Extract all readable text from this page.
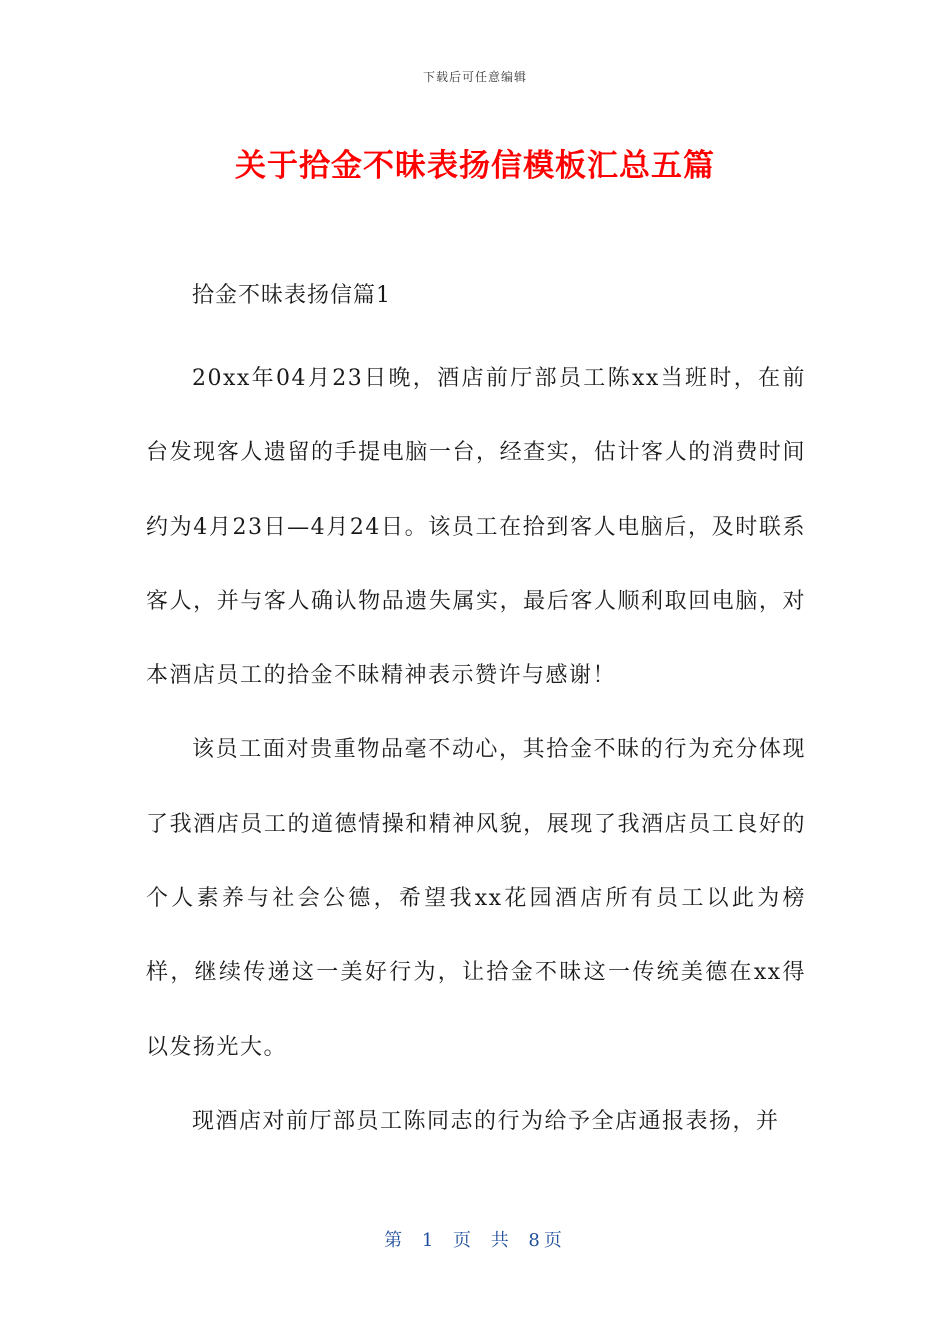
下载后可任意编辑
关于拾金不昧表扬信模板汇总五篇

拾金不昧表扬信篇1

20xx年04月23日晚，酒店前厅部员工陈xx当班时，在前台发现客人遗留的手提电脑一台，经查实，估计客人的消费时间约为4月23日—4月24日。该员工在拾到客人电脑后，及时联系客人，并与客人确认物品遗失属实，最后客人顺利取回电脑，对本酒店员工的拾金不昧精神表示赞许与感谢！

该员工面对贵重物品毫不动心，其拾金不昧的行为充分体现了我酒店员工的道德情操和精神风貌，展现了我酒店员工良好的个人素养与社会公德，希望我xx花园酒店所有员工以此为榜样，继续传递这一美好行为，让拾金不昧这一传统美德在xx得以发扬光大。

现酒店对前厅部员工陈同志的行为给予全店通报表扬，并

第 1 页 共 8页
